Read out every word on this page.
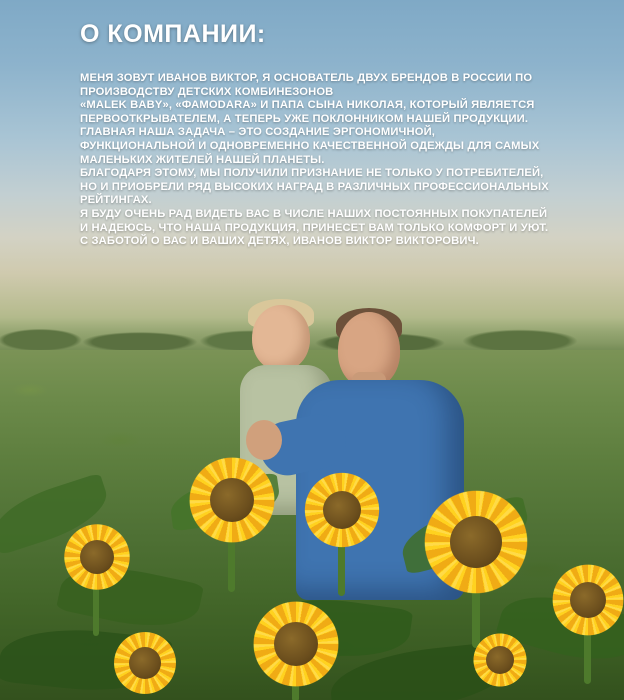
О КОМПАНИИ:

МЕНЯ ЗОВУТ ИВАНОВ ВИКТОР, Я ОСНОВАТЕЛЬ ДВУХ БРЕНДОВ В РОССИИ ПО ПРОИЗВОДСТВУ ДЕТСКИХ КОМБИНЕЗОНОВ

«MALEK BABY», «ФАМОDARA» И ПАПА СЫНА НИКОЛАЯ, КОТОРЫЙ ЯВЛЯЕТСЯ ПЕРВООТКРЫВАТЕЛЕМ, А ТЕПЕРЬ УЖЕ ПОКЛОННИКОМ НАШЕЙ ПРОДУКЦИИ. ГЛАВНАЯ НАША ЗАДАЧА – ЭТО СОЗДАНИЕ ЭРГОНОМИЧНОЙ, ФУНКЦИОНАЛЬНОЙ И ОДНОВРЕМЕННО КАЧЕСТВЕННОЙ ОДЕЖДЫ ДЛЯ САМЫХ МАЛЕНЬКИХ ЖИТЕЛЕЙ НАШЕЙ ПЛАНЕТЫ.

БЛАГОДАРЯ ЭТОМУ, МЫ ПОЛУЧИЛИ ПРИЗНАНИЕ НЕ ТОЛЬКО У ПОТРЕБИТЕЛЕЙ, НО И ПРИОБРЕЛИ РЯД ВЫСОКИХ НАГРАД В РАЗЛИЧНЫХ ПРОФЕССИОНАЛЬНЫХ РЕЙТИНГАХ.

Я БУДУ ОЧЕНЬ РАД ВИДЕТЬ ВАС В ЧИСЛЕ НАШИХ ПОСТОЯННЫХ ПОКУПАТЕЛЕЙ И НАДЕЮСЬ, ЧТО НАША ПРОДУКЦИЯ, ПРИНЕСЕТ ВАМ ТОЛЬКО КОМФОРТ И УЮТ.

С ЗАБОТОЙ О ВАС И ВАШИХ ДЕТЯХ, ИВАНОВ ВИКТОР ВИКТОРОВИЧ.
